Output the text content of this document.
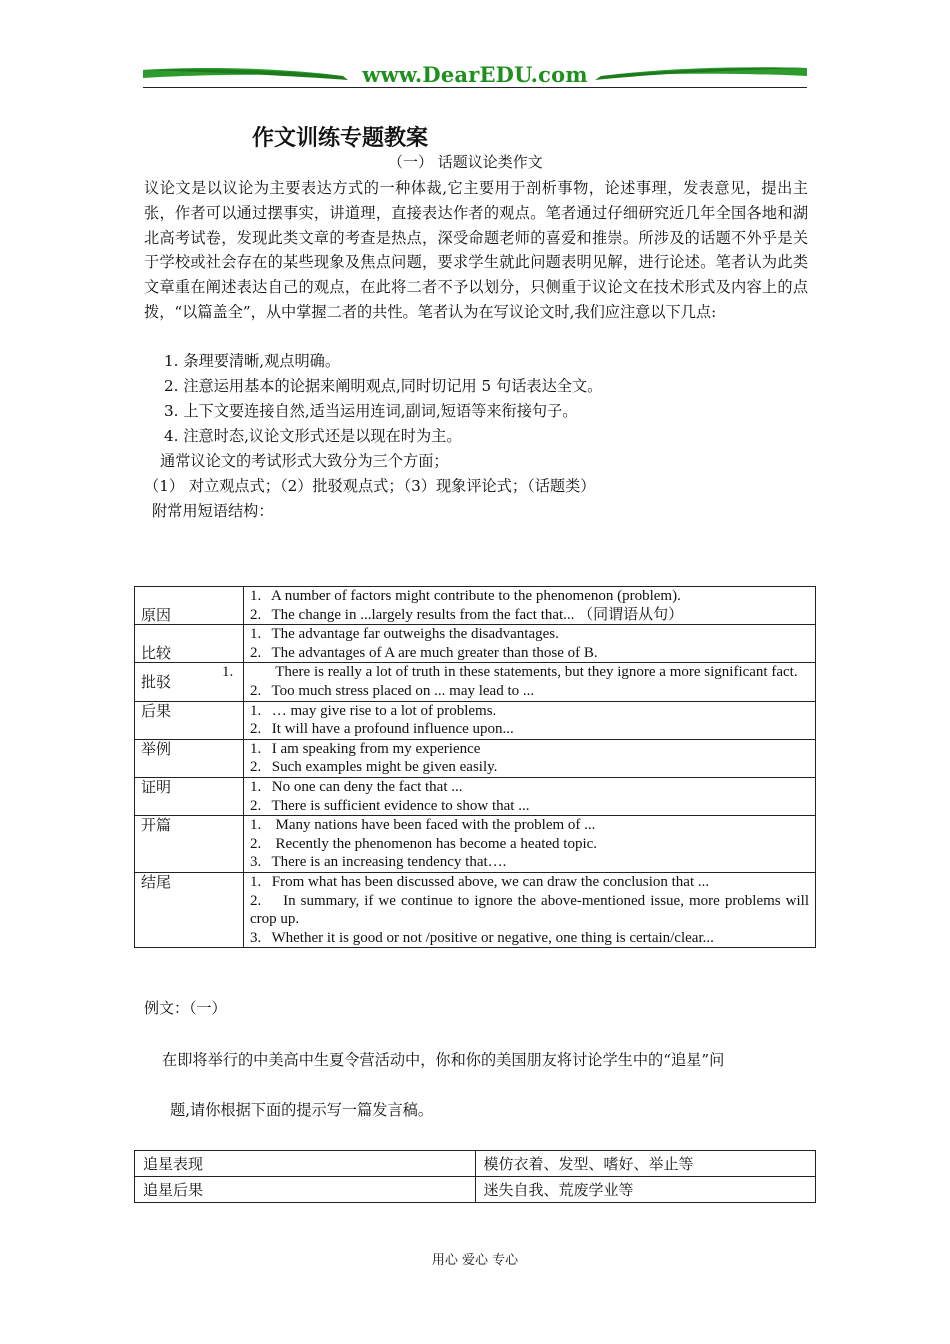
www.DearEDU.com
作文训练专题教案
（一） 话题议论类作文
议论文是以议论为主要表达方式的一种体裁,它主要用于剖析事物，论述事理，发表意见，提出主张，作者可以通过摆事实，讲道理，直接表达作者的观点。笔者通过仔细研究近几年全国各地和湖北高考试卷，发现此类文章的考查是热点，深受命题老师的喜爱和推崇。所涉及的话题不外乎是关于学校或社会存在的某些现象及焦点问题，要求学生就此问题表明见解，进行论述。笔者认为此类文章重在阐述表达自己的观点，在此将二者不予以划分，只侧重于议论文在技术形式及内容上的点拨，“以篇盖全”，从中掌握二者的共性。笔者认为在写议论文时,我们应注意以下几点:
1. 条理要清晰,观点明确。
2. 注意运用基本的论据来阐明观点,同时切记用 5 句话表达全文。
3. 上下文要连接自然,适当运用连词,副词,短语等来衔接句子。
4. 注意时态,议论文形式还是以现在时为主。
通常议论文的考试形式大致分为三个方面；
（1） 对立观点式；（2）批驳观点式；（3）现象评论式；（话题类）
附常用短语结构：
原因	1. A number of factors might contribute to the phenomenon (problem).
2. The change in ...largely results from the fact that... （同谓语从句）

比较	1. The advantage far outweighs the disadvantages.
2. The advantages of A are much greater than those of B.

批驳	1. There is really a lot of truth in these statements, but they ignore a more significant fact.
2. Too much stress placed on ... may lead to ...

后果	1. … may give rise to a lot of problems.
2. It will have a profound influence upon...

举例	1. I am speaking from my experience
2. Such examples might be given easily.

证明	1. No one can deny the fact that ...
2. There is sufficient evidence to show that ...

开篇	1. Many nations have been faced with the problem of ...
2. Recently the phenomenon has become a heated topic.
3. There is an increasing tendency that….

结尾	1. From what has been discussed above, we can draw the conclusion that ...
2. In summary, if we continue to ignore the above-mentioned issue, more problems will crop up.
3. Whether it is good or not /positive or negative, one thing is certain/clear...
例文：（一）
在即将举行的中美高中生夏令营活动中，你和你的美国朋友将讨论学生中的“追星”问
题,请你根据下面的提示写一篇发言稿。
追星表现	模仿衣着、发型、嗜好、举止等
追星后果	迷失自我、荒废学业等
用心 爱心 专心
